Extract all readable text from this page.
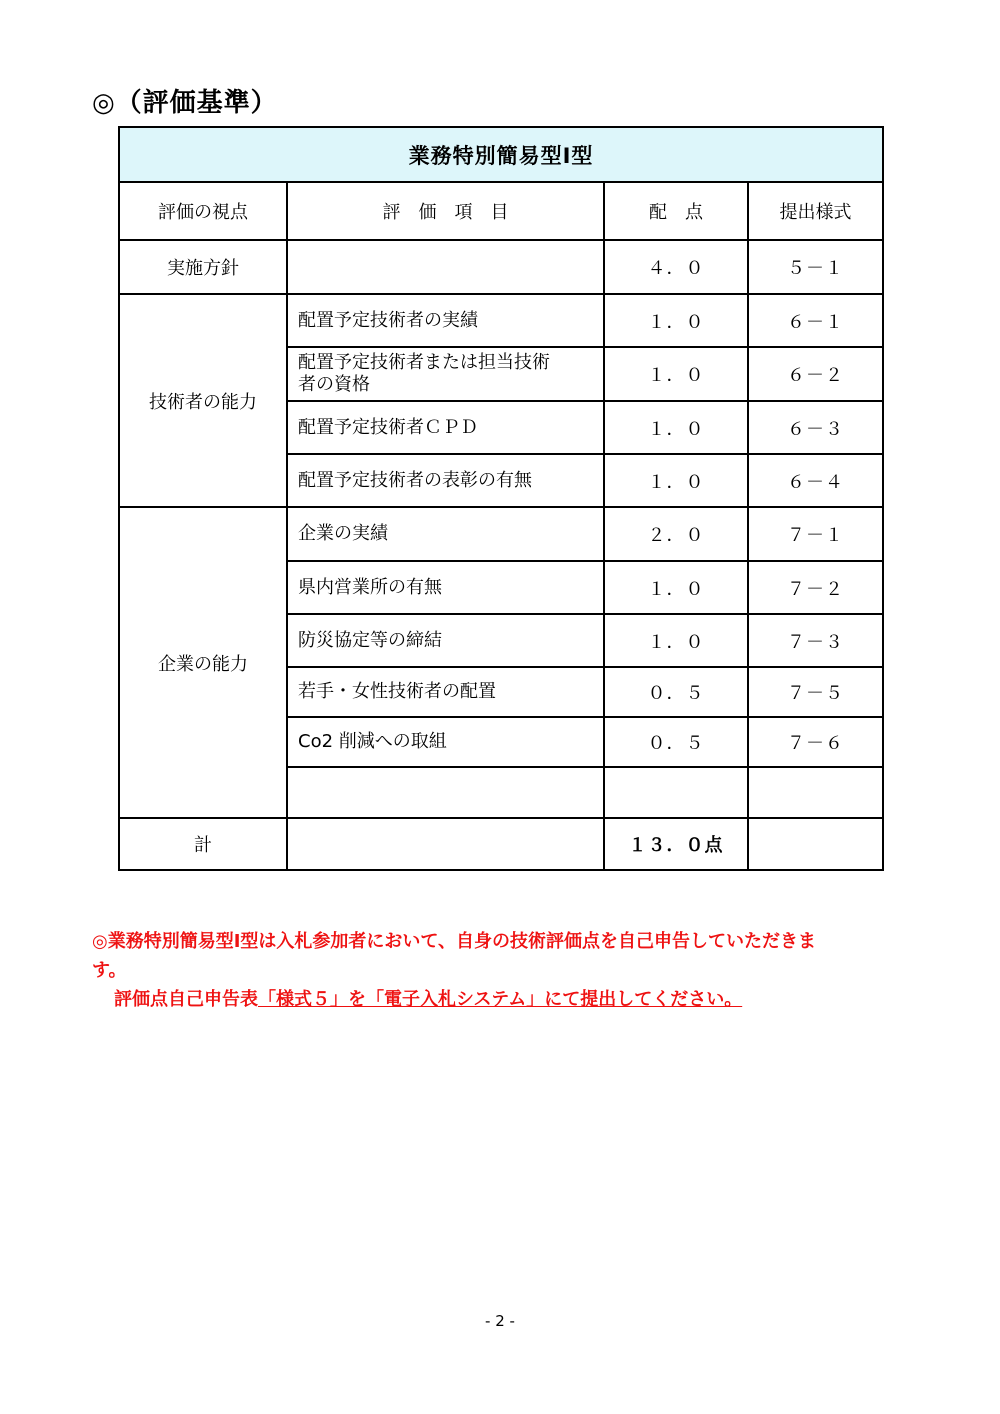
◎（評価基準）
業務特別簡易型Ⅰ型			
評価の視点	評　価　項　目	配　点	提出様式
実施方針		４．０	５－１
技術者の能力	配置予定技術者の実績	１．０	６－１

	配置予定技術者または担当技術
者の資格	１．０	６－２
	配置予定技術者ＣＰＤ	１．０	６－３
	配置予定技術者の表彰の有無	１．０	６－４
企業の能力	企業の実績	２．０	７－１
	県内営業所の有無	１．０	７－２
	防災協定等の締結	１．０	７－３
	若手・女性技術者の配置	０．５	７－５
	Co2 削減への取組	０．５	７－６

計		１３．０点	
◎業務特別簡易型Ⅰ型は入札参加者において、自身の技術評価点を自己申告していただきま
す。
評価点自己申告表「様式５」を「電子入札システム」にて提出してください。
- 2 -
